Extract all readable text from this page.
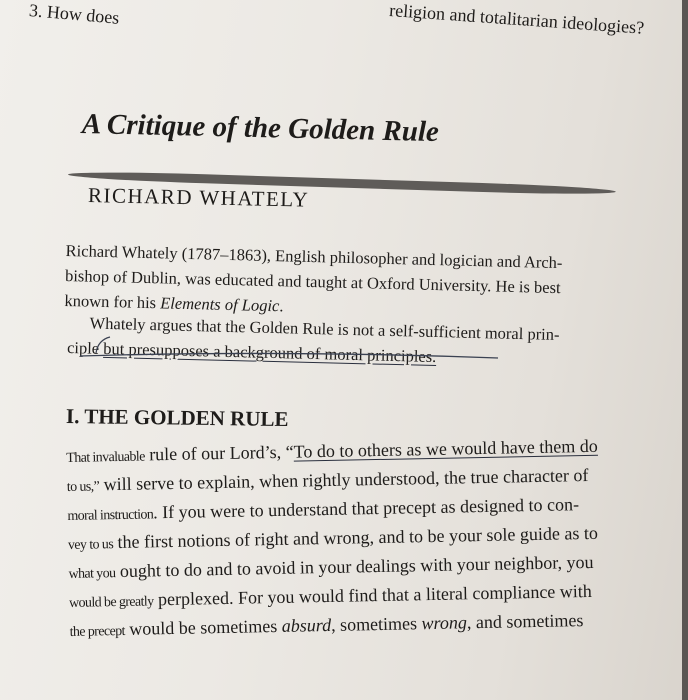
3. How does	religion and totalitarian ideologies?
A Critique of the Golden Rule
RICHARD WHATELY
Richard Whately (1787–1863), English philosopher and logician and Arch-
bishop of Dublin, was educated and taught at Oxford University. He is best
known for his Elements of Logic.
Whately argues that the Golden Rule is not a self-sufficient moral prin-
ciple but presupposes a background of moral principles.
I. THE GOLDEN RULE
That invaluable rule of our Lord’s, “To do to others as we would have them do
to us,” will serve to explain, when rightly understood, the true character of
moral instruction. If you were to understand that precept as designed to con-
vey to us the first notions of right and wrong, and to be your sole guide as to
what you ought to do and to avoid in your dealings with your neighbor, you
would be greatly perplexed. For you would find that a literal compliance with
the precept would be sometimes absurd, sometimes wrong, and sometimes
